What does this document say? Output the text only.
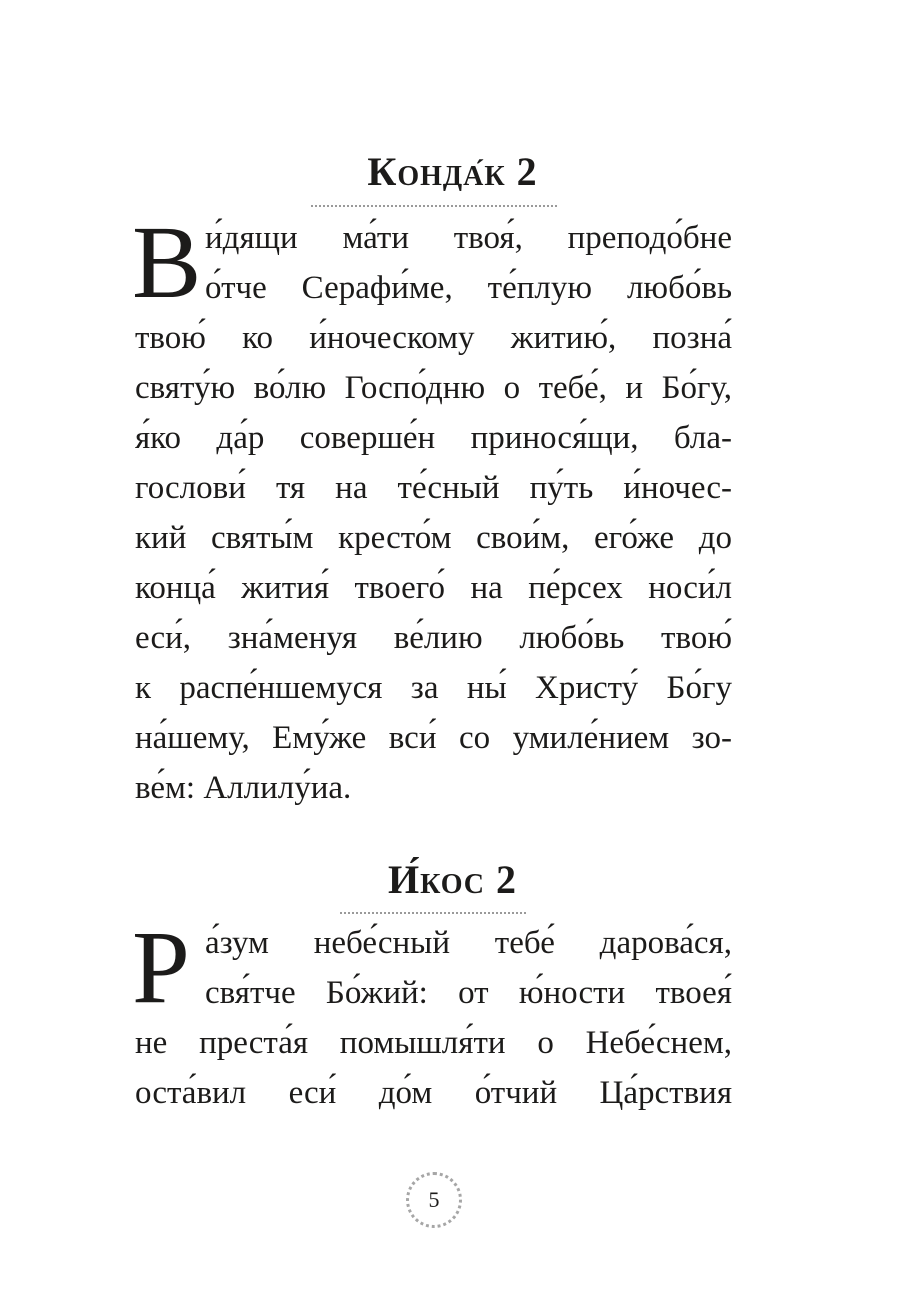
Конда́к 2
В и́дящи ма́ти твоя́, преподо́бне
о́тче Серафи́ме, те́плую любо́вь
твою́ ко и́ноческому житию́, позна́
святу́ю во́лю Госпо́дню о тебе́, и Бо́гу,
я́ко да́р соверше́н принося́щи, бла-
гослови́ тя на те́сный пу́ть и́ночес-
кий святы́м кресто́м свои́м, его́же до
конца́ жития́ твоего́ на пе́рсех носи́л
еси́, зна́менуя ве́лию любо́вь твою́
к распе́ншемуся за ны́ Христу́ Бо́гу
на́шему, Ему́же вси́ со умиле́нием зо-
ве́м: Аллилу́иа.
И́кос 2
Р а́зум небе́сный тебе́ дарова́ся,
свя́тче Бо́жий: от ю́ности твоея́
не преста́я помышля́ти о Небе́снем,
оста́вил еси́ до́м о́тчий Ца́рствия
5
